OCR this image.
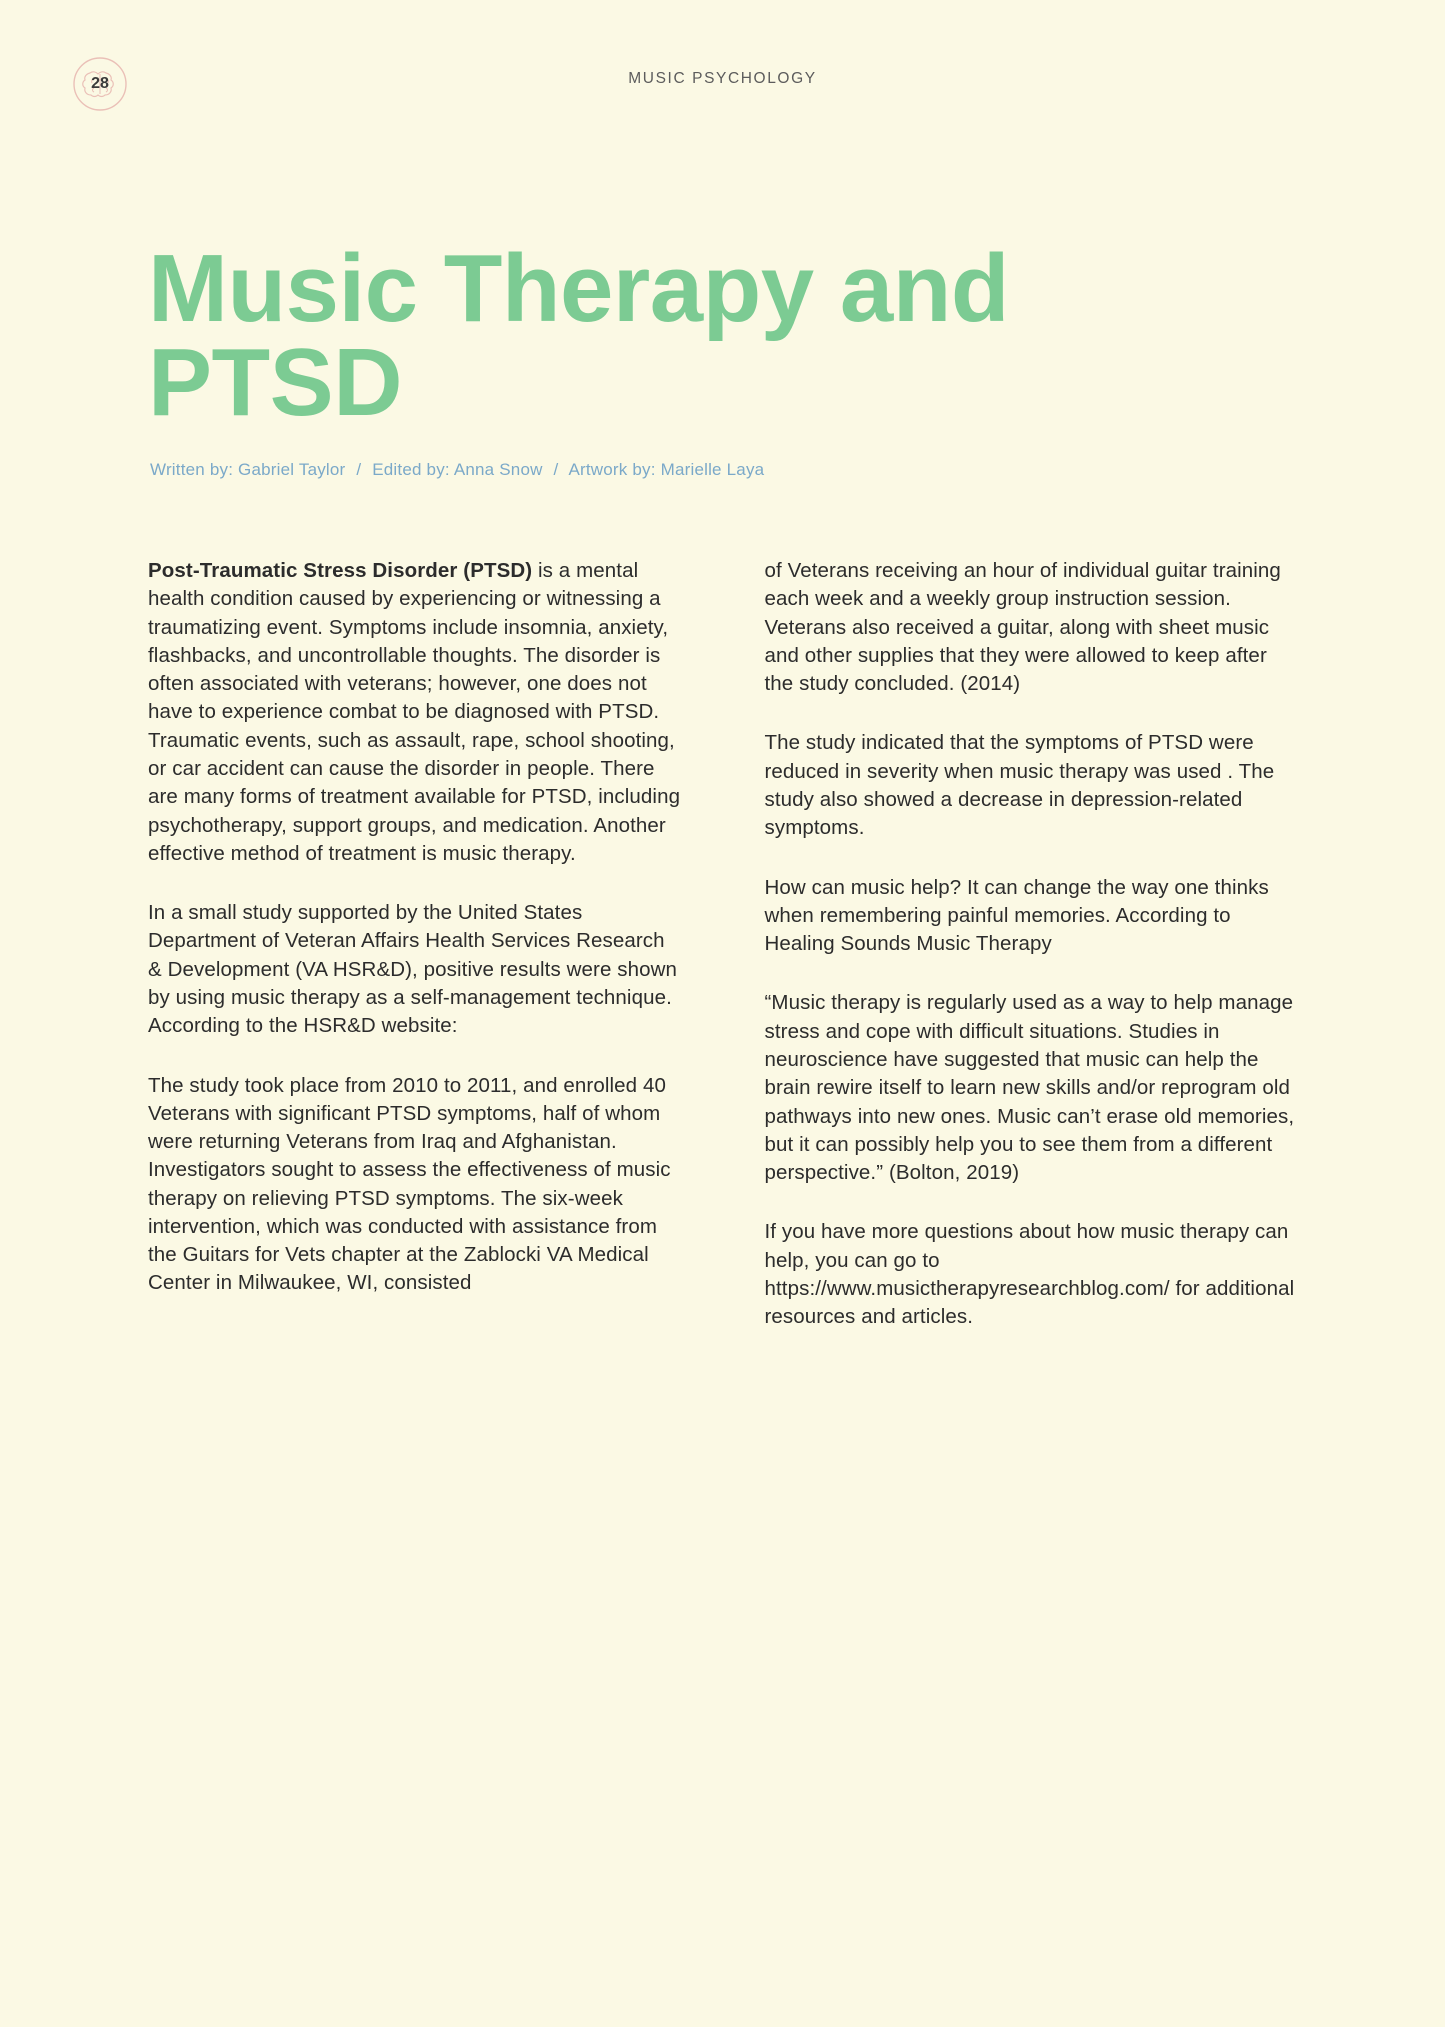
28	MUSIC PSYCHOLOGY
Music Therapy and PTSD
Written by: Gabriel Taylor / Edited by: Anna Snow / Artwork by: Marielle Laya

Post-Traumatic Stress Disorder (PTSD) is a mental health condition caused by experiencing or witnessing a traumatizing event. Symptoms include insomnia, anxiety, flashbacks, and uncontrollable thoughts. The disorder is often associated with veterans; however, one does not have to experience combat to be diagnosed with PTSD. Traumatic events, such as assault, rape, school shooting, or car accident can cause the disorder in people. There are many forms of treatment available for PTSD, including psychotherapy, support groups, and medication. Another effective method of treatment is music therapy.

In a small study supported by the United States Department of Veteran Affairs Health Services Research & Development (VA HSR&D), positive results were shown by using music therapy as a self-management technique. According to the HSR&D website:

The study took place from 2010 to 2011, and enrolled 40 Veterans with significant PTSD symptoms, half of whom were returning Veterans from Iraq and Afghanistan. Investigators sought to assess the effectiveness of music therapy on relieving PTSD symptoms. The six-week intervention, which was conducted with assistance from the Guitars for Vets chapter at the Zablocki VA Medical Center in Milwaukee, WI, consisted

of Veterans receiving an hour of individual guitar training each week and a weekly group instruction session. Veterans also received a guitar, along with sheet music and other supplies that they were allowed to keep after the study concluded. (2014)

The study indicated that the symptoms of PTSD were reduced in severity when music therapy was used . The study also showed a decrease in depression-related symptoms.

How can music help? It can change the way one thinks when remembering painful memories. According to Healing Sounds Music Therapy

“Music therapy is regularly used as a way to help manage stress and cope with difficult situations. Studies in neuroscience have suggested that music can help the brain rewire itself to learn new skills and/or reprogram old pathways into new ones. Music can’t erase old memories, but it can possibly help you to see them from a different perspective.” (Bolton, 2019)

If you have more questions about how music therapy can help, you can go to https://www.musictherapyresearchblog.com/ for additional resources and articles.
